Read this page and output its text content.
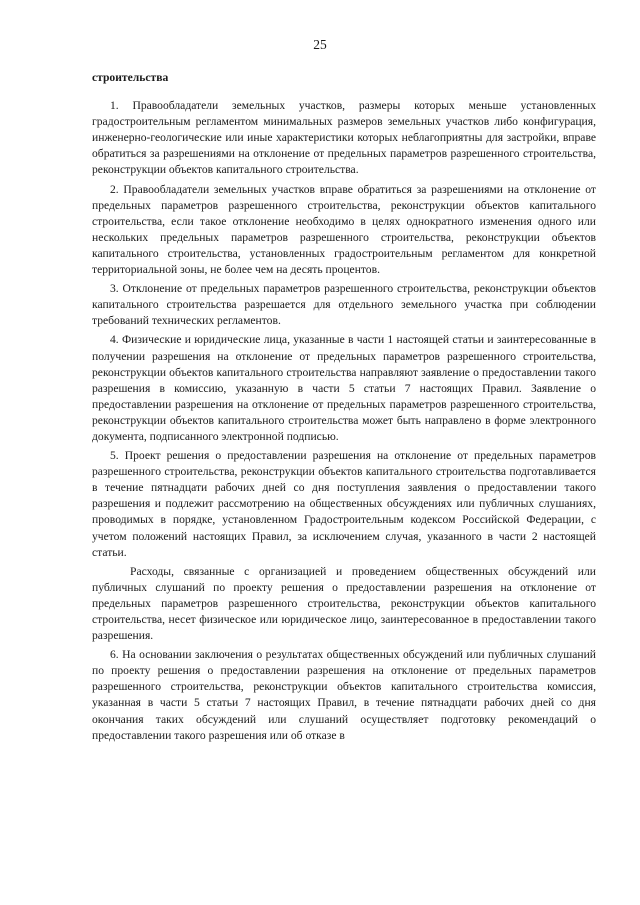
25

строительства

1. Правообладатели земельных участков, размеры которых меньше установленных градостроительным регламентом минимальных размеров земельных участков либо конфигурация, инженерно-геологические или иные характеристики которых неблагоприятны для застройки, вправе обратиться за разрешениями на отклонение от предельных параметров разрешенного строительства, реконструкции объектов капитального строительства.

2. Правообладатели земельных участков вправе обратиться за разрешениями на отклонение от предельных параметров разрешенного строительства, реконструкции объектов капитального строительства, если такое отклонение необходимо в целях однократного изменения одного или нескольких предельных параметров разрешенного строительства, реконструкции объектов капитального строительства, установленных градостроительным регламентом для конкретной территориальной зоны, не более чем на десять процентов.

3. Отклонение от предельных параметров разрешенного строительства, реконструкции объектов капитального строительства разрешается для отдельного земельного участка при соблюдении требований технических регламентов.

4. Физические и юридические лица, указанные в части 1 настоящей статьи и заинтересованные в получении разрешения на отклонение от предельных параметров разрешенного строительства, реконструкции объектов капитального строительства направляют заявление о предоставлении такого разрешения в комиссию, указанную в части 5 статьи 7 настоящих Правил. Заявление о предоставлении разрешения на отклонение от предельных параметров разрешенного строительства, реконструкции объектов капитального строительства может быть направлено в форме электронного документа, подписанного электронной подписью.

5. Проект решения о предоставлении разрешения на отклонение от предельных параметров разрешенного строительства, реконструкции объектов капитального строительства подготавливается в течение пятнадцати рабочих дней со дня поступления заявления о предоставлении такого разрешения и подлежит рассмотрению на общественных обсуждениях или публичных слушаниях, проводимых в порядке, установленном Градостроительным кодексом Российской Федерации, с учетом положений настоящих Правил, за исключением случая, указанного в части 2 настоящей статьи.

Расходы, связанные с организацией и проведением общественных обсуждений или публичных слушаний по проекту решения о предоставлении разрешения на отклонение от предельных параметров разрешенного строительства, реконструкции объектов капитального строительства, несет физическое или юридическое лицо, заинтересованное в предоставлении такого разрешения.

6. На основании заключения о результатах общественных обсуждений или публичных слушаний по проекту решения о предоставлении разрешения на отклонение от предельных параметров разрешенного строительства, реконструкции объектов капитального строительства комиссия, указанная в части 5 статьи 7 настоящих Правил, в течение пятнадцати рабочих дней со дня окончания таких обсуждений или слушаний осуществляет подготовку рекомендаций о предоставлении такого разрешения или об отказе в
